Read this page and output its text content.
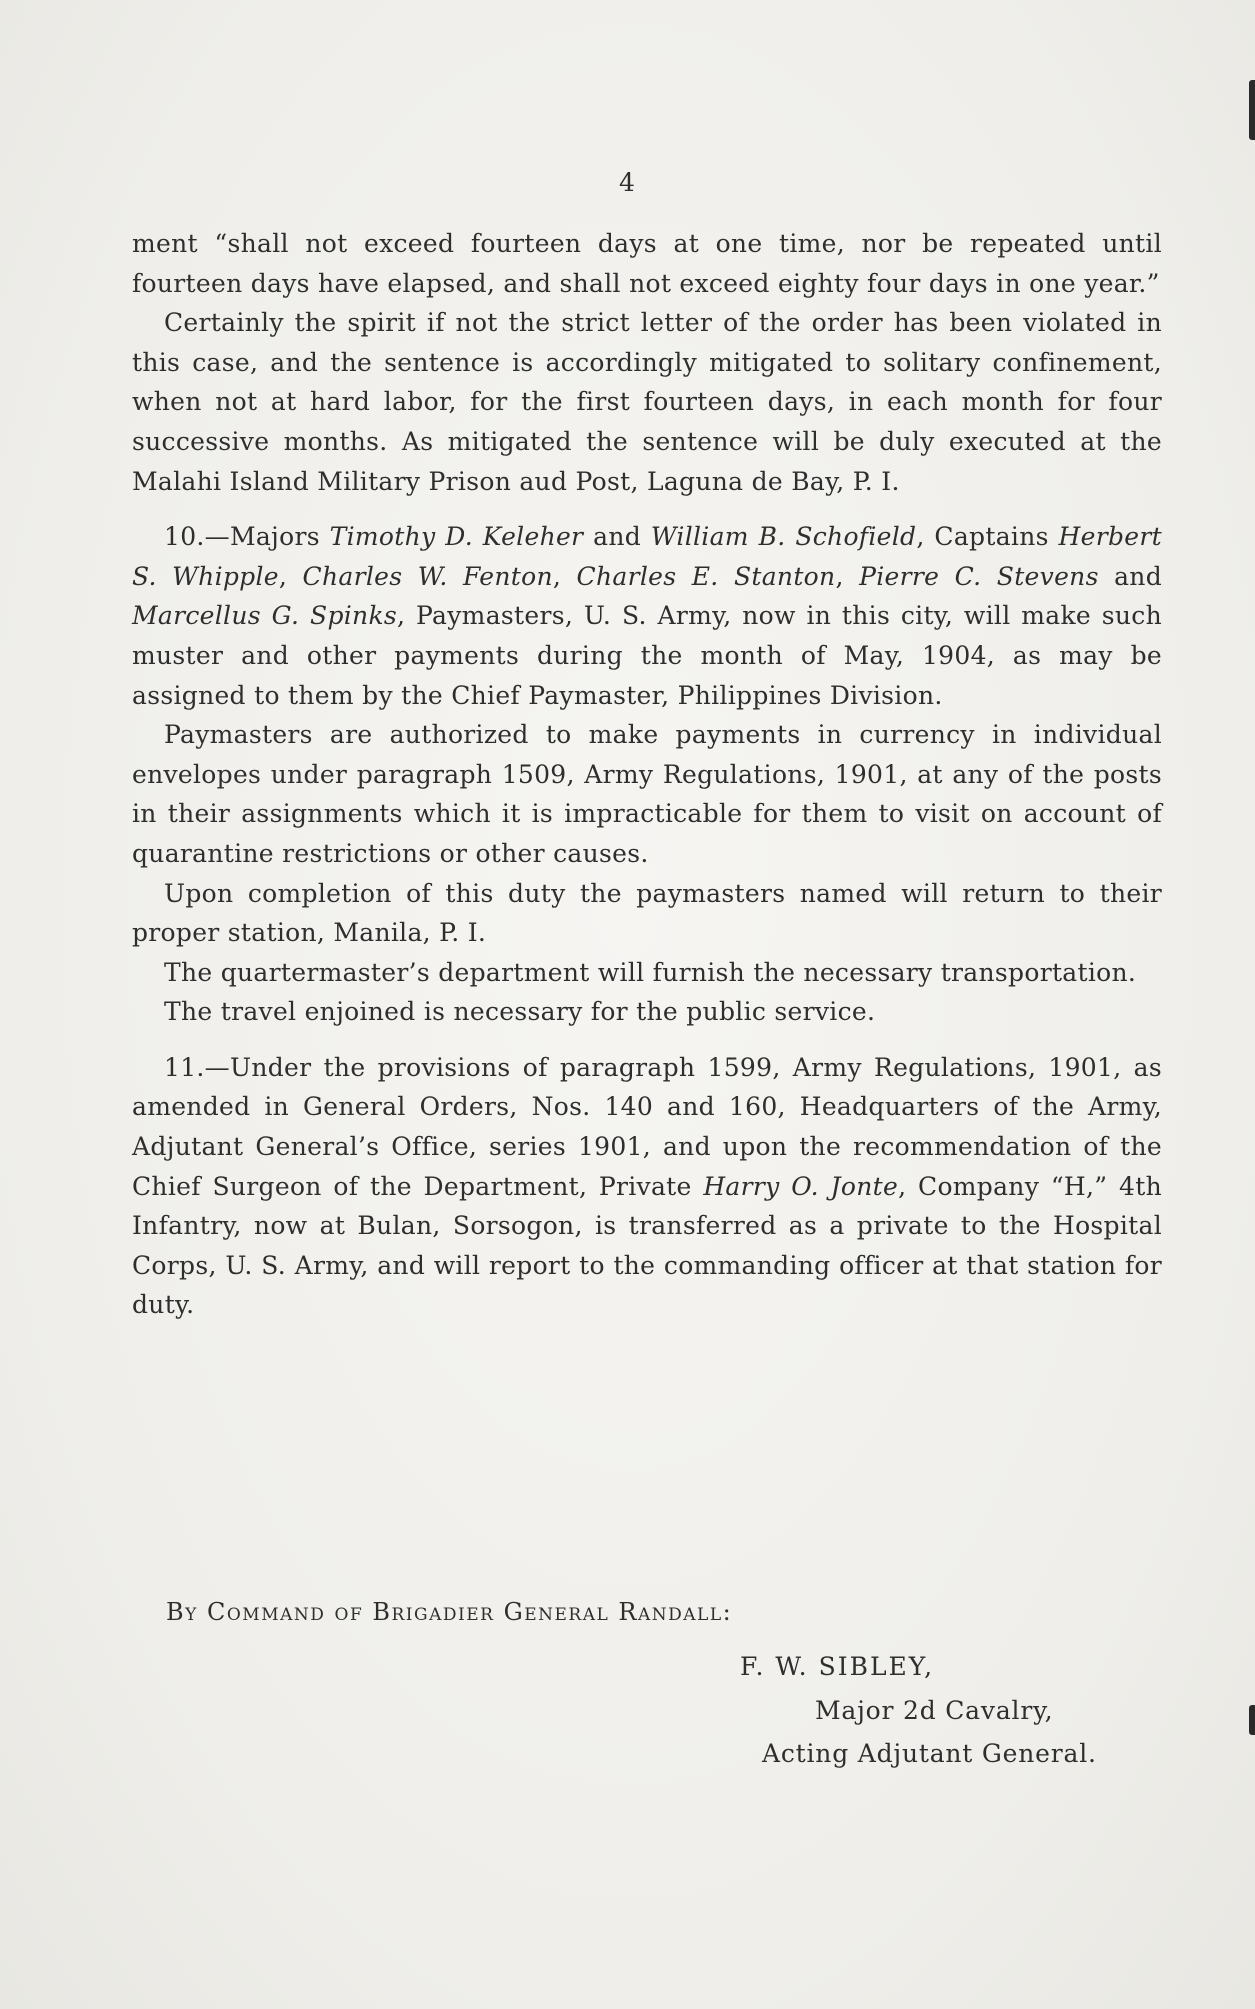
4

ment “shall not exceed fourteen days at one time, nor be repeated until fourteen days have elapsed, and shall not exceed eighty four days in one year.”

Certainly the spirit if not the strict letter of the order has been violated in this case, and the sentence is accordingly mitigated to solitary confinement, when not at hard labor, for the first fourteen days, in each month for four successive months. As mitigated the sentence will be duly executed at the Malahi Island Military Prison aud Post, Laguna de Bay, P. I.

10.—Majors Timothy D. Keleher and William B. Schofield, Captains Herbert S. Whipple, Charles W. Fenton, Charles E. Stanton, Pierre C. Stevens and Marcellus G. Spinks, Paymasters, U. S. Army, now in this city, will make such muster and other payments during the month of May, 1904, as may be assigned to them by the Chief Paymaster, Philippines Division.

Paymasters are authorized to make payments in currency in individual envelopes under paragraph 1509, Army Regulations, 1901, at any of the posts in their assignments which it is impracticable for them to visit on account of quarantine restrictions or other causes.

Upon completion of this duty the paymasters named will return to their proper station, Manila, P. I.

The quartermaster’s department will furnish the necessary transportation.

The travel enjoined is necessary for the public service.

11.—Under the provisions of paragraph 1599, Army Regulations, 1901, as amended in General Orders, Nos. 140 and 160, Headquarters of the Army, Adjutant General’s Office, series 1901, and upon the recommendation of the Chief Surgeon of the Department, Private Harry O. Jonte, Company “H,” 4th Infantry, now at Bulan, Sorsogon, is transferred as a private to the Hospital Corps, U. S. Army, and will report to the commanding officer at that station for duty.

By Command of Brigadier General Randall:
F. W. SIBLEY,
Major 2d Cavalry,
Acting Adjutant General.
